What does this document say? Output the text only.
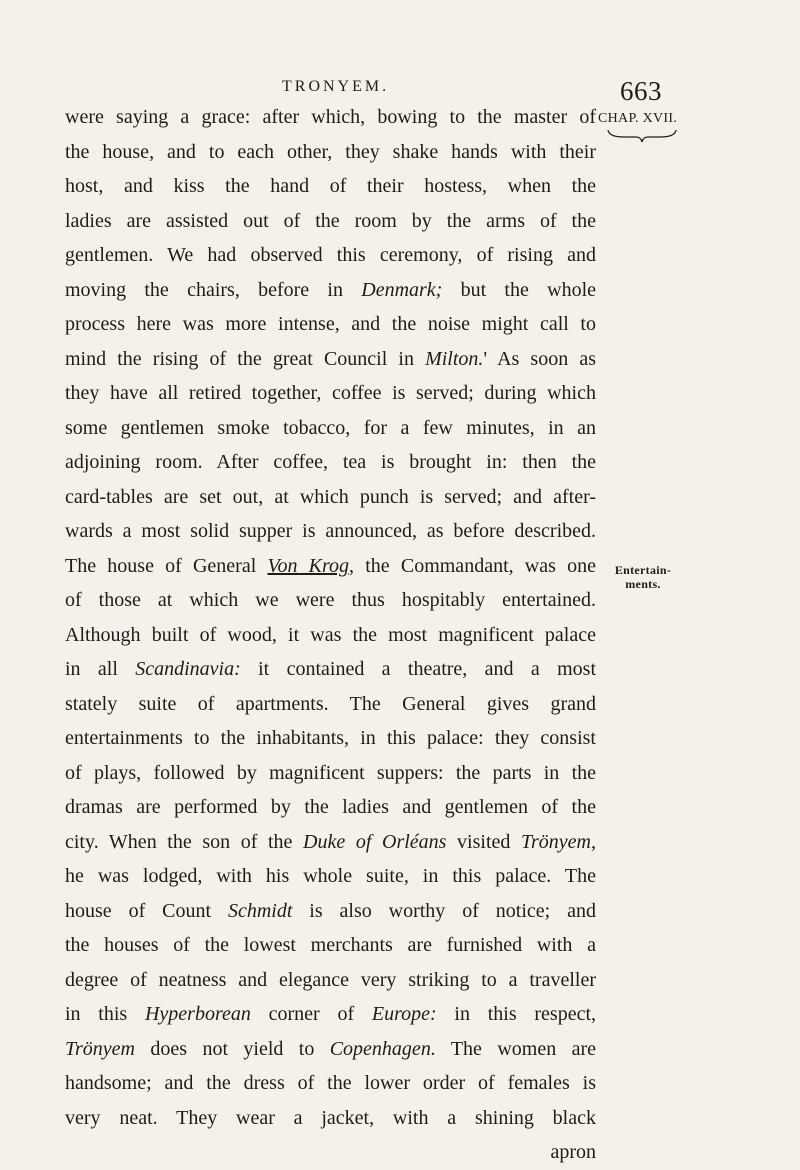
TRONYEM.	663
CHAP. XVII.
Entertain-
ments.
were saying a grace: after which, bowing to the master of
the house, and to each other, they shake hands with their
host, and kiss the hand of their hostess, when the
ladies are assisted out of the room by the arms of the
gentlemen. We had observed this ceremony, of rising and
moving the chairs, before in Denmark; but the whole
process here was more intense, and the noise might call to
mind the rising of the great Council in Milton.' As soon as
they have all retired together, coffee is served; during which
some gentlemen smoke tobacco, for a few minutes, in an
adjoining room. After coffee, tea is brought in: then the
card-tables are set out, at which punch is served; and after-
wards a most solid supper is announced, as before described.
The house of General Von Krog, the Commandant, was one
of those at which we were thus hospitably entertained.
Although built of wood, it was the most magnificent palace
in all Scandinavia: it contained a theatre, and a most
stately suite of apartments. The General gives grand
entertainments to the inhabitants, in this palace: they consist
of plays, followed by magnificent suppers: the parts in the
dramas are performed by the ladies and gentlemen of the
city. When the son of the Duke of Orléans visited Trönyem,
he was lodged, with his whole suite, in this palace. The
house of Count Schmidt is also worthy of notice; and
the houses of the lowest merchants are furnished with a
degree of neatness and elegance very striking to a traveller
in this Hyperborean corner of Europe: in this respect,
Trönyem does not yield to Copenhagen. The women are
handsome; and the dress of the lower order of females is
very neat. They wear a jacket, with a shining black
apron
